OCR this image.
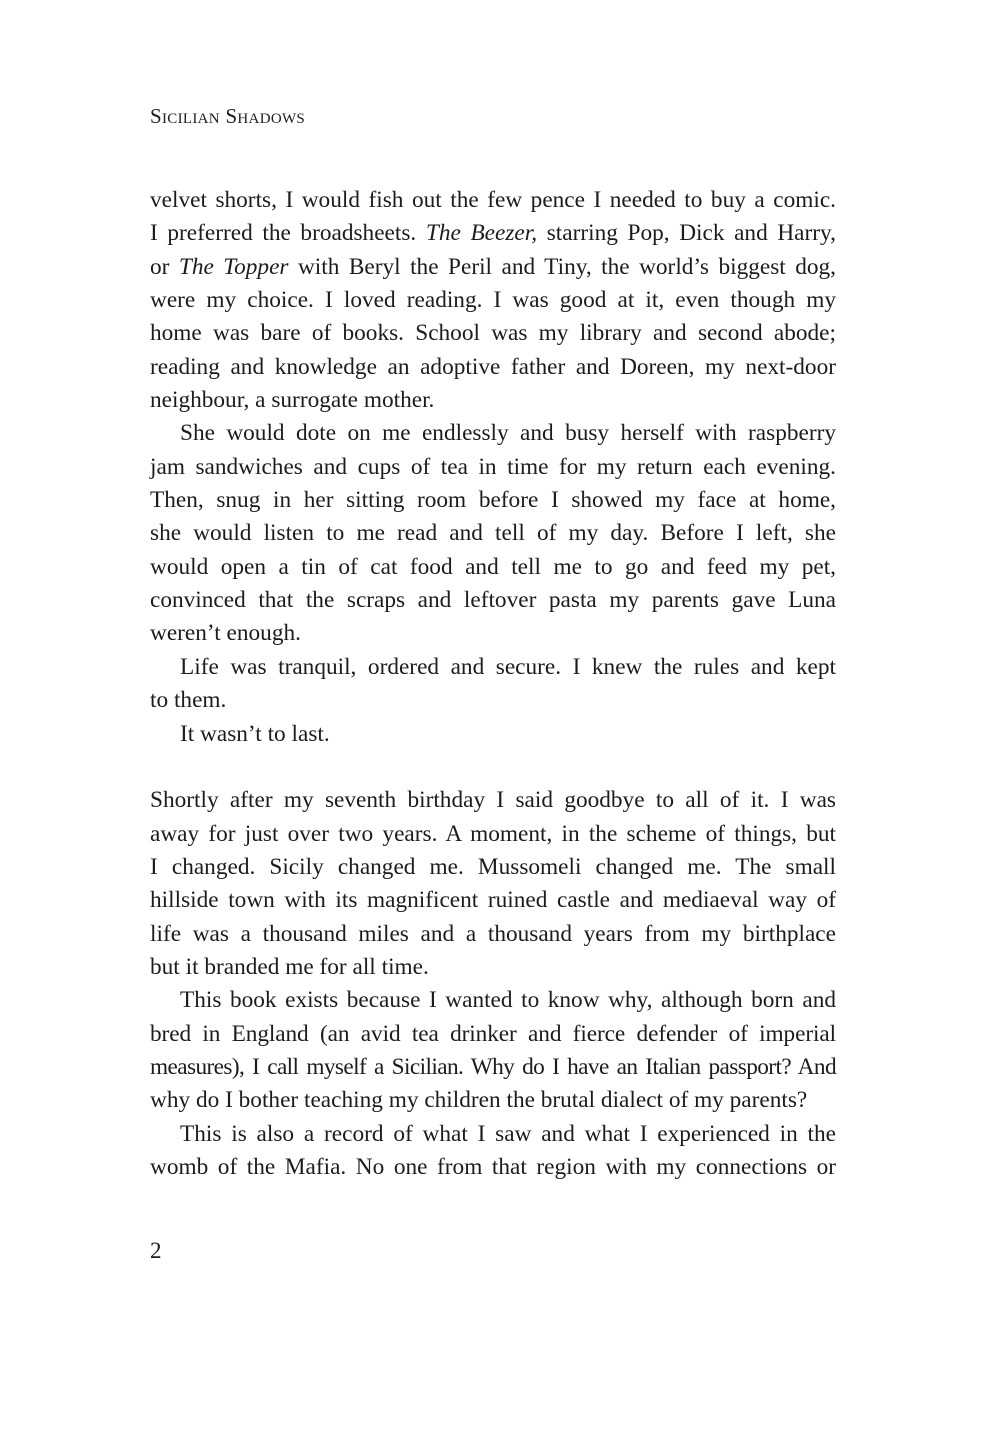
Sicilian Shadows

velvet shorts, I would fish out the few pence I needed to buy a comic.

I preferred the broadsheets. The Beezer, starring Pop, Dick and Harry,

or The Topper with Beryl the Peril and Tiny, the world’s biggest dog,

were my choice. I loved reading. I was good at it, even though my

home was bare of books. School was my library and second abode;

reading and knowledge an adoptive father and Doreen, my next-door

neighbour, a surrogate mother.

She would dote on me endlessly and busy herself with raspberry

jam sandwiches and cups of tea in time for my return each evening.

Then, snug in her sitting room before I showed my face at home,

she would listen to me read and tell of my day. Before I left, she

would open a tin of cat food and tell me to go and feed my pet,

convinced that the scraps and leftover pasta my parents gave Luna

weren’t enough.

Life was tranquil, ordered and secure. I knew the rules and kept

to them.

It wasn’t to last.

Shortly after my seventh birthday I said goodbye to all of it. I was

away for just over two years. A moment, in the scheme of things, but

I changed. Sicily changed me. Mussomeli changed me. The small

hillside town with its magnificent ruined castle and mediaeval way of

life was a thousand miles and a thousand years from my birthplace

but it branded me for all time.

This book exists because I wanted to know why, although born and

bred in England (an avid tea drinker and fierce defender of imperial

measures), I call myself a Sicilian. Why do I have an Italian passport? And

why do I bother teaching my children the brutal dialect of my parents?

This is also a record of what I saw and what I experienced in the

womb of the Mafia. No one from that region with my connections or

2
